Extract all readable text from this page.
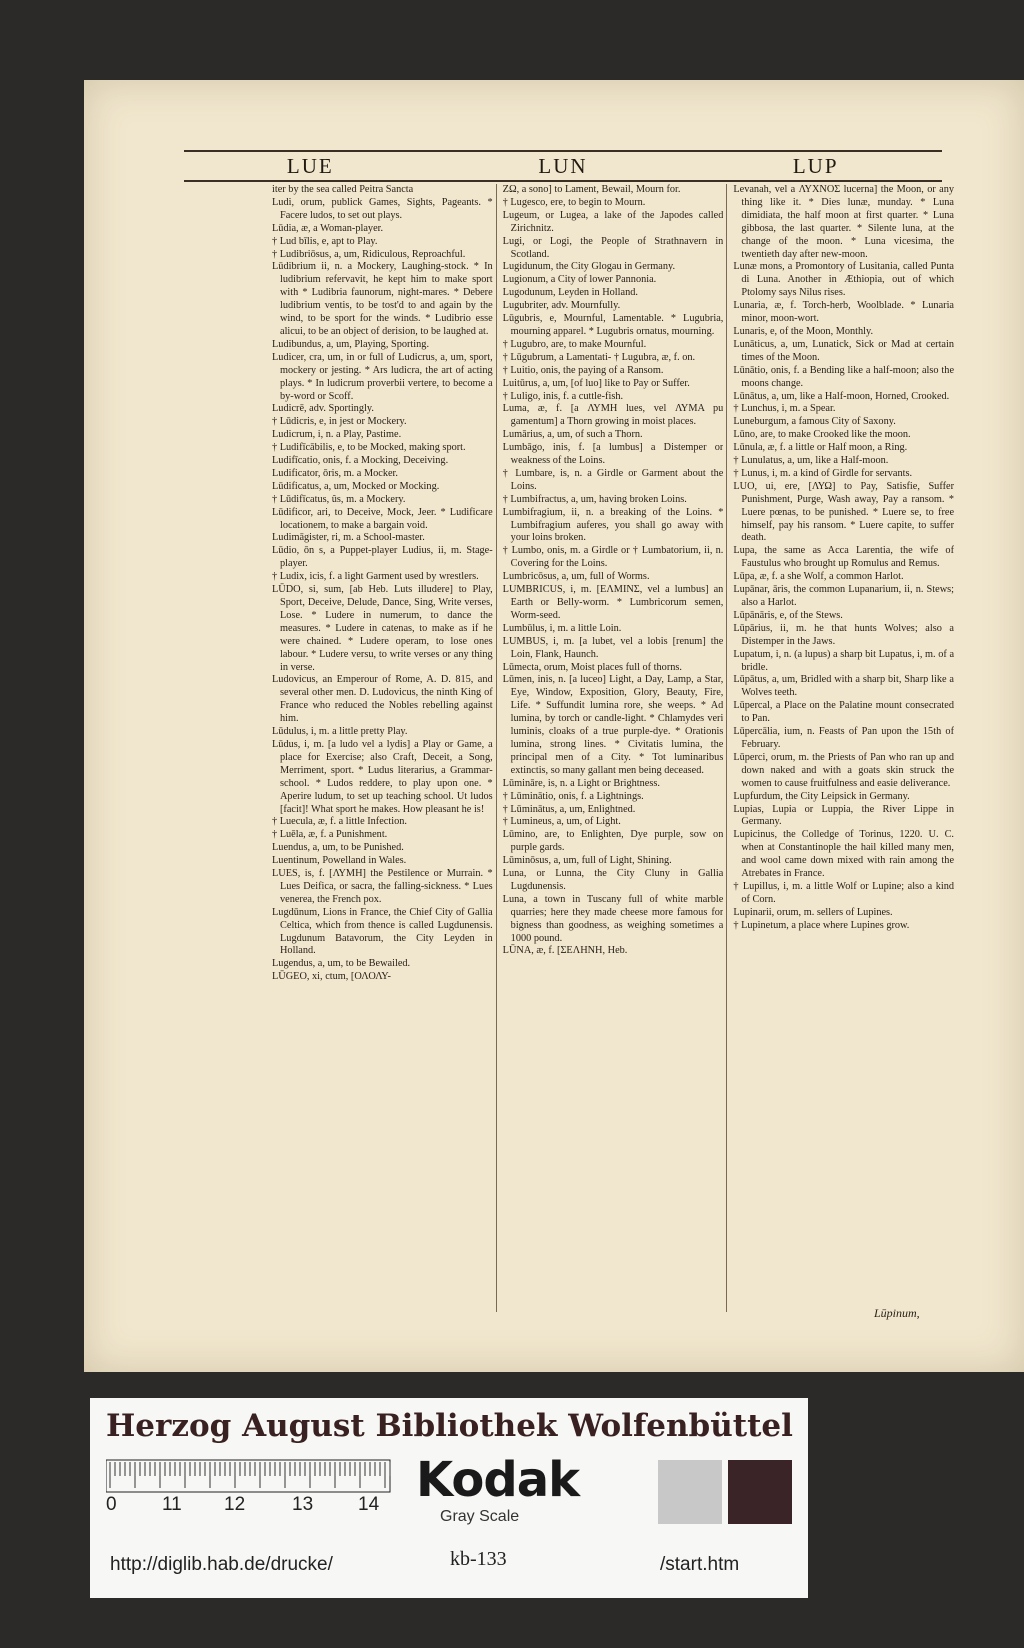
LUE	LUN	LUP

iter by the sea called Peitra Sancta

Ludi, orum, publick Games, Sights, Pageants. * Facere ludos, to set out plays.

Lūdia, æ, a Woman-player.

† Lud bīlis, e, apt to Play.

† Ludibriōsus, a, um, Ridiculous, Reproachful.

Lūdibrium ii, n. a Mockery, Laughing-stock. * In ludibrium refervavit, he kept him to make sport with * Ludibria faunorum, night-mares. * Debere ludibrium ventis, to be tost'd to and again by the wind, to be sport for the winds. * Ludibrio esse alicui, to be an object of derision, to be laughed at.

Ludibundus, a, um, Playing, Sporting.

Ludicer, cra, um, in or full of Ludicrus, a, um, sport, mockery or jesting. * Ars ludicra, the art of acting plays. * In ludicrum proverbii vertere, to become a by-word or Scoff.

Ludicrē, adv. Sportingly.

† Lūdicris, e, in jest or Mockery.

Ludicrum, i, n. a Play, Pastime.

† Ludifīcābilis, e, to be Mocked, making sport.

Ludifīcatio, onis, f. a Mocking, Deceiving.

Ludificator, ōris, m. a Mocker.

Lūdificatus, a, um, Mocked or Mocking.

† Lūdifīcatus, ûs, m. a Mockery.

Lūdificor, ari, to Deceive, Mock, Jeer. * Ludificare locationem, to make a bargain void.

Ludimāgister, ri, m. a School-master.

Lūdio, ōn s, a Puppet-player Ludius, ii, m. Stage-player.

† Ludix, icis, f. a light Garment used by wrestlers.

LŪDO, si, sum, [ab Heb. Luts illudere] to Play, Sport, Deceive, Delude, Dance, Sing, Write verses, Lose. * Ludere in numerum, to dance the measures. * Ludere in catenas, to make as if he were chained. * Ludere operam, to lose ones labour. * Ludere versu, to write verses or any thing in verse.

Ludovicus, an Emperour of Rome, A. D. 815, and several other men. D. Ludovicus, the ninth King of France who reduced the Nobles rebelling against him.

Lūdulus, i, m. a little pretty Play.

Lūdus, i, m. [a ludo vel a lydis] a Play or Game, a place for Exercise; also Craft, Deceit, a Song, Merriment, sport. * Ludus literarius, a Grammar-school. * Ludos reddere, to play upon one. * Aperire ludum, to set up teaching school. Ut ludos [facit]! What sport he makes. How pleasant he is!

† Luecula, æ, f. a little Infection.

† Luēla, æ, f. a Punishment.

Luendus, a, um, to be Punished.

Luentinum, Powelland in Wales.

LUES, is, f. [ΛΥΜΗ] the Pestilence or Murrain. * Lues Deifica, or sacra, the falling-sickness. * Lues venerea, the French pox.

Lugdūnum, Lions in France, the Chief City of Gallia Celtica, which from thence is called Lugdunensis. Lugdunum Batavorum, the City Leyden in Holland.

Lugendus, a, um, to be Bewailed.

LŪGEO, xi, ctum, [ΟΛΟΛΥ-

ΖΩ, a sono] to Lament, Bewail, Mourn for.

† Lugesco, ere, to begin to Mourn.

Lugeum, or Lugea, a lake of the Japodes called Zirichnitz.

Lugi, or Logi, the People of Strathnavern in Scotland.

Lugidunum, the City Glogau in Germany.

Lugionum, a City of lower Pannonia.

Lugodunum, Leyden in Holland.

Lugubriter, adv. Mournfully.

Lūgubris, e, Mournful, Lamentable. * Lugubria, mourning apparel. * Lugubris ornatus, mourning.

† Lugubro, are, to make Mournful.

† Lūgubrum, a Lamentati- † Lugubra, æ, f. on.

† Luitio, onis, the paying of a Ransom.

Luitūrus, a, um, [of luo] like to Pay or Suffer.

† Luligo, inis, f. a cuttle-fish.

Luma, æ, f. [a ΛΥΜΗ lues, vel ΛΥΜΑ pu gamentum] a Thorn growing in moist places.

Lumārius, a, um, of such a Thorn.

Lumbāgo, inis, f. [a lumbus] a Distemper or weakness of the Loins.

† Lumbare, is, n. a Girdle or Garment about the Loins.

† Lumbifractus, a, um, having broken Loins.

Lumbifragium, ii, n. a breaking of the Loins. * Lumbifragium auferes, you shall go away with your loins broken.

† Lumbo, onis, m. a Girdle or † Lumbatorium, ii, n. Covering for the Loins.

Lumbricōsus, a, um, full of Worms.

LUMBRICUS, i, m. [ΕΛΜΙΝΣ, vel a lumbus] an Earth or Belly-worm. * Lumbricorum semen, Worm-seed.

Lumbūlus, i, m. a little Loin.

LUMBUS, i, m. [a lubet, vel a lobis [renum] the Loin, Flank, Haunch.

Lūmecta, orum, Moist places full of thorns.

Lūmen, inis, n. [a luceo] Light, a Day, Lamp, a Star, Eye, Window, Exposition, Glory, Beauty, Fire, Life. * Suffundit lumina rore, she weeps. * Ad lumina, by torch or candle-light. * Chlamydes veri luminis, cloaks of a true purple-dye. * Orationis lumina, strong lines. * Civitatis lumina, the principal men of a City. * Tot luminaribus extinctis, so many gallant men being deceased.

Lūmināre, is, n. a Light or Brightness.

† Lūminātio, onis, f. a Lightnings.

† Lūminātus, a, um, Enlightned.

† Lumineus, a, um, of Light.

Lūmino, are, to Enlighten, Dye purple, sow on purple gards.

Lūminōsus, a, um, full of Light, Shining.

Luna, or Lunna, the City Cluny in Gallia Lugdunensis.

Luna, a town in Tuscany full of white marble quarries; here they made cheese more famous for bigness than goodness, as weighing sometimes a 1000 pound.

LŪNA, æ, f. [ΣΕΛΗΝΗ, Heb.

Levanah, vel a ΛΥΧΝΟΣ lucerna] the Moon, or any thing like it. * Dies lunæ, munday. * Luna dimidiata, the half moon at first quarter. * Luna gibbosa, the last quarter. * Silente luna, at the change of the moon. * Luna vicesima, the twentieth day after new-moon.

Lunæ mons, a Promontory of Lusitania, called Punta di Luna. Another in Æthiopia, out of which Ptolomy says Nilus rises.

Lunaria, æ, f. Torch-herb, Woolblade. * Lunaria minor, moon-wort.

Lunaris, e, of the Moon, Monthly.

Lunāticus, a, um, Lunatick, Sick or Mad at certain times of the Moon.

Lūnātio, onis, f. a Bending like a half-moon; also the moons change.

Lūnātus, a, um, like a Half-moon, Horned, Crooked.

† Lunchus, i, m. a Spear.

Luneburgum, a famous City of Saxony.

Lūno, are, to make Crooked like the moon.

Lūnula, æ, f. a little or Half moon, a Ring.

† Lunulatus, a, um, like a Half-moon.

† Lunus, i, m. a kind of Girdle for servants.

LUO, ui, ere, [ΛΥΩ] to Pay, Satisfie, Suffer Punishment, Purge, Wash away, Pay a ransom. * Luere pœnas, to be punished. * Luere se, to free himself, pay his ransom. * Luere capite, to suffer death.

Lupa, the same as Acca Larentia, the wife of Faustulus who brought up Romulus and Remus.

Lūpa, æ, f. a she Wolf, a common Harlot.

Lupānar, āris, the common Lupanarium, ii, n. Stews; also a Harlot.

Lūpānāris, e, of the Stews.

Lūpārius, ii, m. he that hunts Wolves; also a Distemper in the Jaws.

Lupatum, i, n. (a lupus) a sharp bit Lupatus, i, m. of a bridle.

Lūpātus, a, um, Bridled with a sharp bit, Sharp like a Wolves teeth.

Lūpercal, a Place on the Palatine mount consecrated to Pan.

Lūpercālia, ium, n. Feasts of Pan upon the 15th of February.

Lūperci, orum, m. the Priests of Pan who ran up and down naked and with a goats skin struck the women to cause fruitfulness and easie deliverance.

Lupfurdum, the City Leipsick in Germany.

Lupias, Lupia or Luppia, the River Lippe in Germany.

Lupicinus, the Colledge of Torinus, 1220. U. C. when at Constantinople the hail killed many men, and wool came down mixed with rain among the Atrebates in France.

† Lupillus, i, m. a little Wolf or Lupine; also a kind of Corn.

Lupinarii, orum, m. sellers of Lupines.

† Lupinetum, a place where Lupines grow.

Lūpinum,
Herzog August Bibliothek Wolfenbüttel
0 11 12 13 14 Kodak
Gray Scale
http://diglib.hab.de/drucke/	kb-133	/start.htm
